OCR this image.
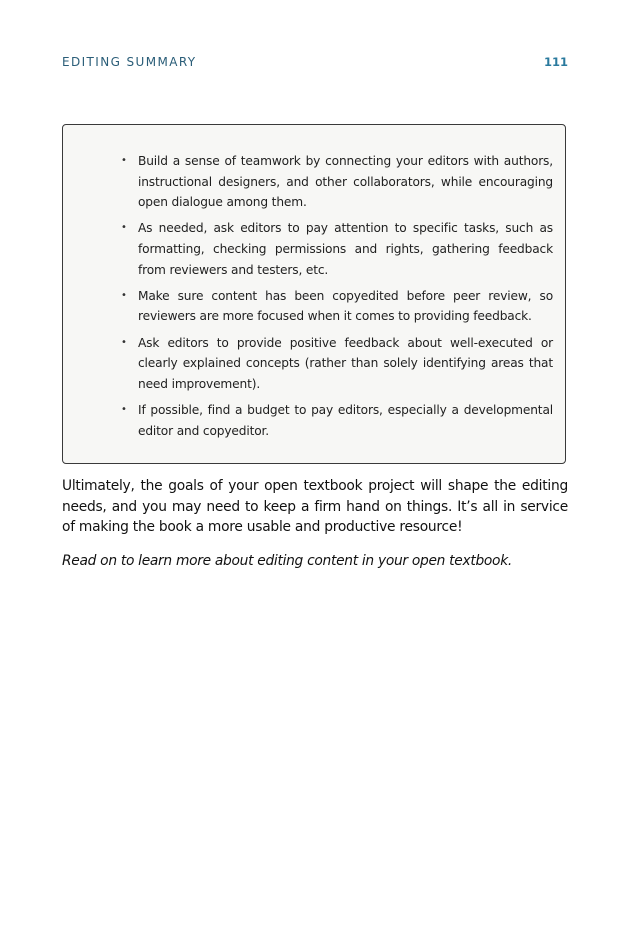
EDITING SUMMARY	111
• Build a sense of teamwork by connecting your editors with authors, instructional designers, and other collaborators, while encouraging open dialogue among them.
• As needed, ask editors to pay attention to specific tasks, such as formatting, checking permissions and rights, gathering feedback from reviewers and testers, etc.
• Make sure content has been copyedited before peer review, so reviewers are more focused when it comes to providing feedback.
• Ask editors to provide positive feedback about well-executed or clearly explained concepts (rather than solely identifying areas that need improvement).
• If possible, find a budget to pay editors, especially a developmental editor and copyeditor.

Ultimately, the goals of your open textbook project will shape the editing needs, and you may need to keep a firm hand on things. It’s all in service of making the book a more usable and productive resource!

Read on to learn more about editing content in your open textbook.
